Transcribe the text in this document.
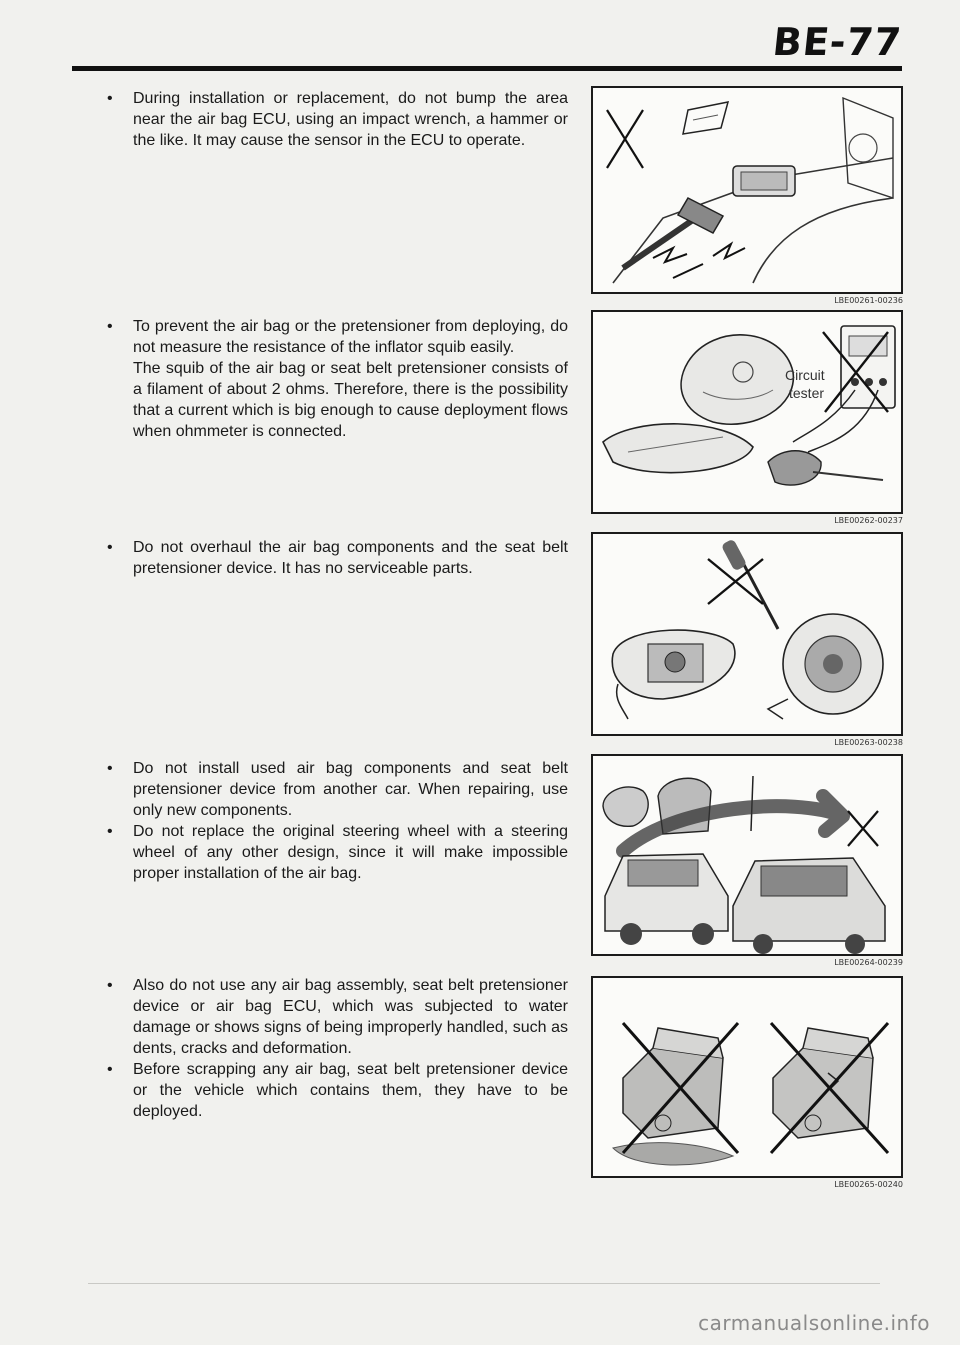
BE-77
• During installation or replacement, do not bump the area near the air bag ECU, using an impact wrench, a hammer or the like. It may cause the sensor in the ECU to operate.

• To prevent the air bag or the pretensioner from deploying, do not measure the resistance of the inflator squib easily.

The squib of the air bag or seat belt pretensioner consists of a filament of about 2 ohms. Therefore, there is the possibility that a current which is big enough to cause deployment flows when ohmmeter is connected.

• Do not overhaul the air bag components and the seat belt pretensioner device. It has no serviceable parts.

• Do not install used air bag components and seat belt pretensioner device from another car. When repairing, use only new components.

• Do not replace the original steering wheel with a steering wheel of any other design, since it will make impossible proper installation of the air bag.

• Also do not use any air bag assembly, seat belt pretensioner device or air bag ECU, which was subjected to water damage or shows signs of being improperly handled, such as dents, cracks and deformation.

• Before scrapping any air bag, seat belt pretensioner device or the vehicle which contains them, they have to be deployed.

LBE00261-00236
Circuit
tester
LBE00262-00237
LBE00263-00238
LBE00264-00239
LBE00265-00240
carmanualsonline.info
